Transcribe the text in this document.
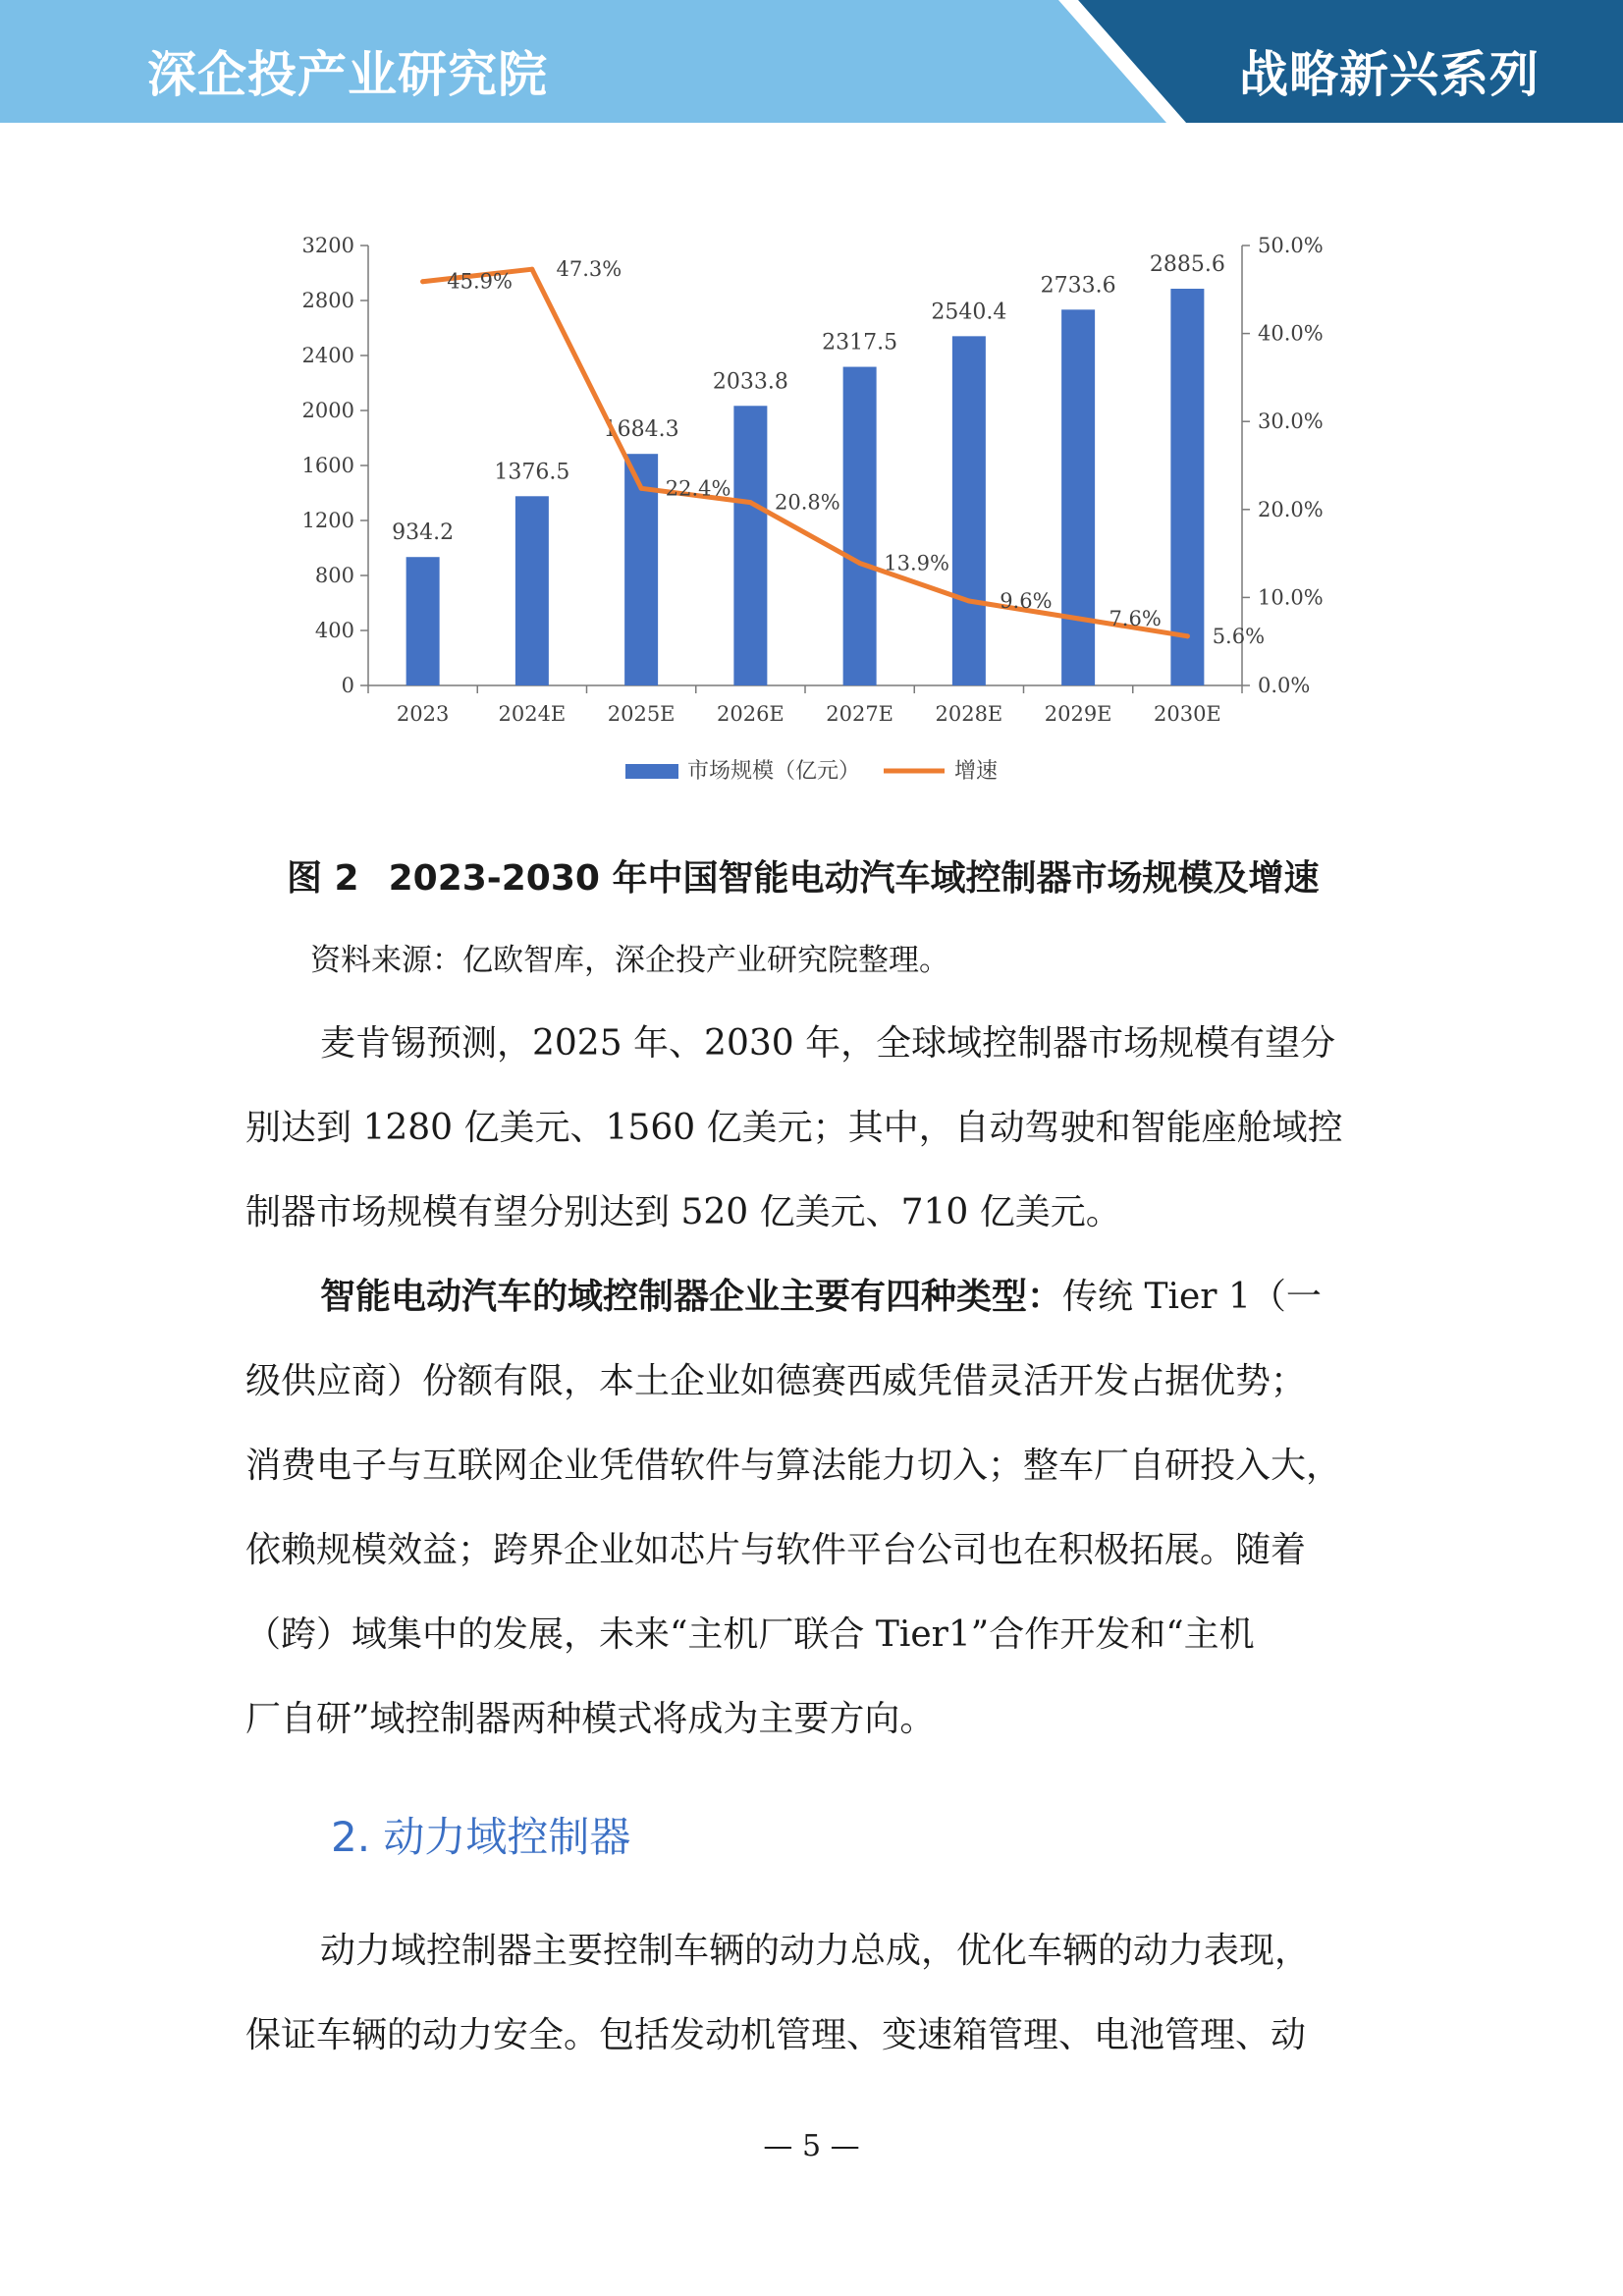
深企投产业研究院	战略新兴系列
0
400
800
1200
1600
2000
2400
2800
3200
0.0%
10.0%
20.0%
30.0%
40.0%
50.0%
934.2
1376.5
1684.3
2033.8
2317.5
2540.4
2733.6
2885.6
2023 2024E 2025E 2026E 2027E 2028E 2029E 2030E
45.9%
47.3%
22.4%
20.8%
13.9%
9.6%
7.6%
5.6%
市场规模（亿元）	增速
图 2 2023-2030 年中国智能电动汽车域控制器市场规模及增速
资料来源：亿欧智库，深企投产业研究院整理。
麦肯锡预测，2025 年、2030 年，全球域控制器市场规模有望分
别达到 1280 亿美元、1560 亿美元；其中，自动驾驶和智能座舱域控
制器市场规模有望分别达到 520 亿美元、710 亿美元。
智能电动汽车的域控制器企业主要有四种类型：传统 Tier 1（一
级供应商）份额有限，本土企业如德赛西威凭借灵活开发占据优势；
消费电子与互联网企业凭借软件与算法能力切入；整车厂自研投入大，
依赖规模效益；跨界企业如芯片与软件平台公司也在积极拓展。随着
（跨）域集中的发展，未来“主机厂联合 Tier1”合作开发和“主机
厂自研”域控制器两种模式将成为主要方向。
2. 动力域控制器
动力域控制器主要控制车辆的动力总成，优化车辆的动力表现，
保证车辆的动力安全。包括发动机管理、变速箱管理、电池管理、动
— 5 —
